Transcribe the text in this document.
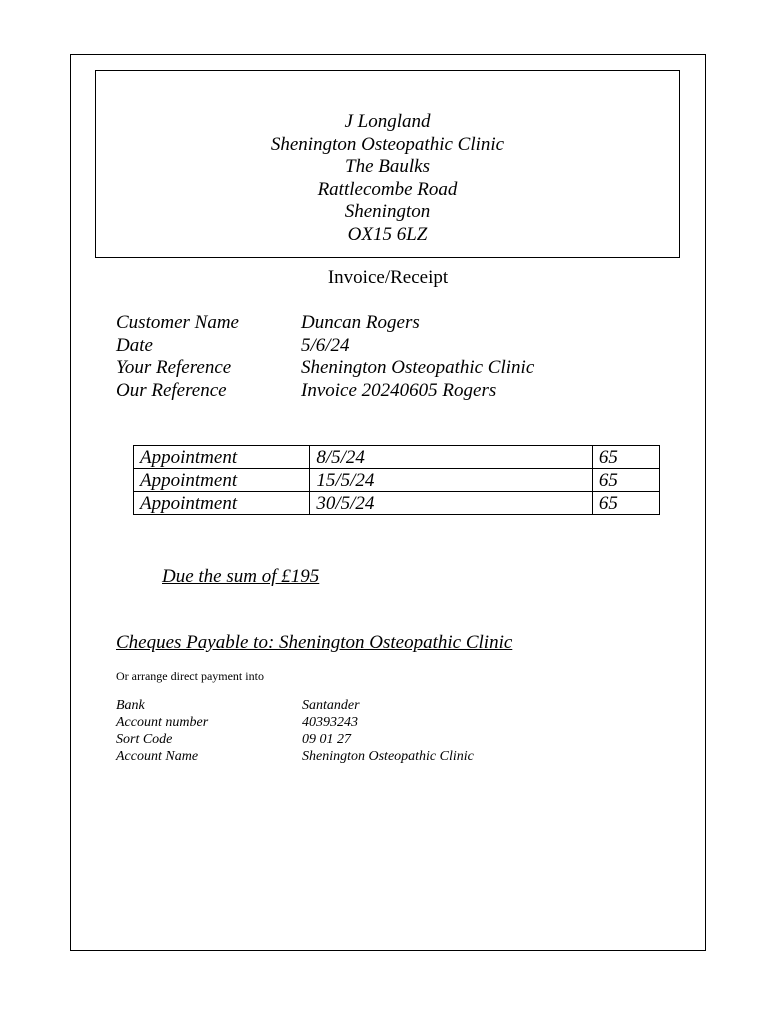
J Longland
Shenington Osteopathic Clinic
The Baulks
Rattlecombe Road
Shenington
OX15 6LZ
Invoice/Receipt
Customer Name	Duncan Rogers
Date	5/6/24
Your Reference	Shenington Osteopathic Clinic
Our Reference	Invoice 20240605 Rogers
Appointment	8/5/24	65
Appointment	15/5/24	65
Appointment	30/5/24	65
Due the sum of £195
Cheques Payable to: Shenington Osteopathic Clinic
Or arrange direct payment into
Bank	Santander
Account number	40393243
Sort Code	09 01 27
Account Name	Shenington Osteopathic Clinic
